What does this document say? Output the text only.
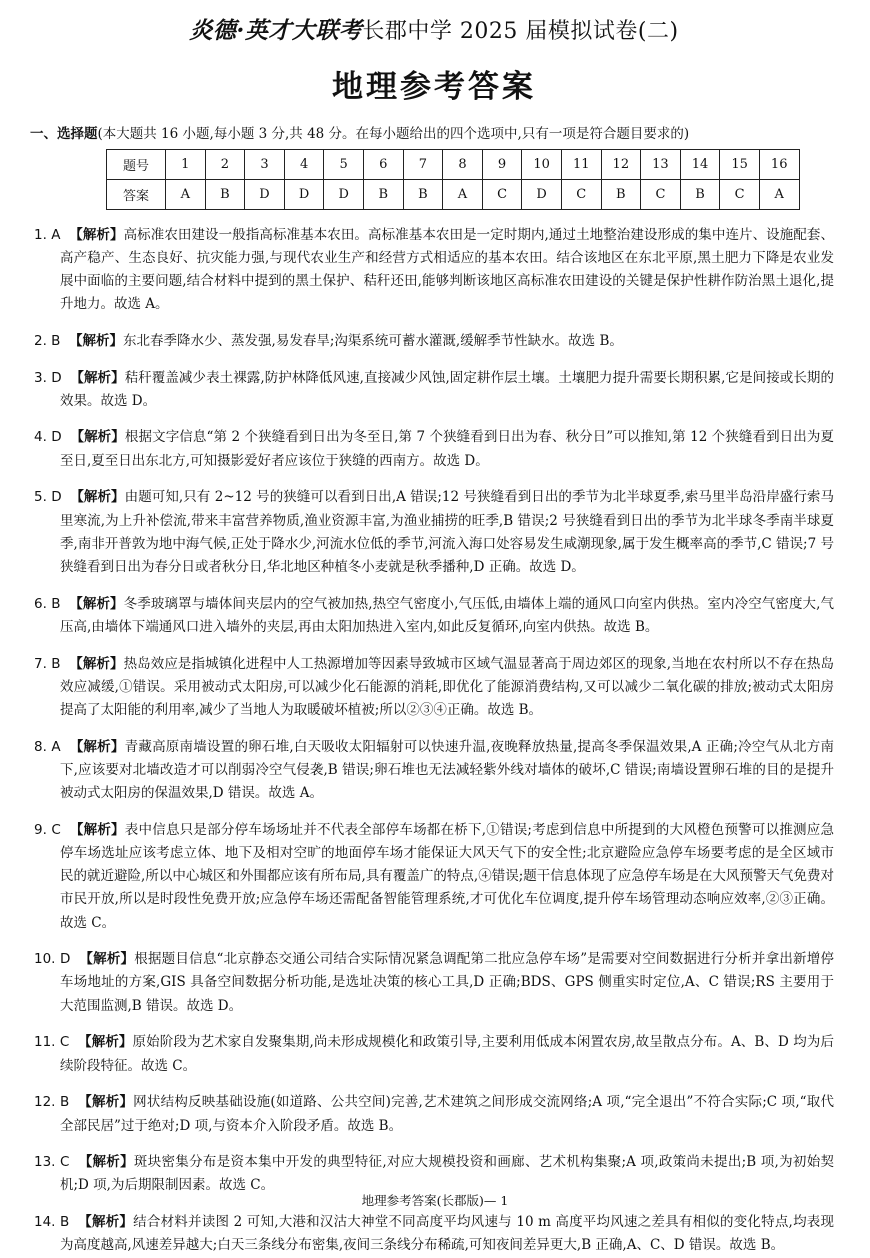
炎德·英才大联考长郡中学 2025 届模拟试卷(二)
地理参考答案
一、选择题(本大题共 16 小题,每小题 3 分,共 48 分。在每小题给出的四个选项中,只有一项是符合题目要求的)
题号	1	2	3	4	5	6	7	8	9	10	11	12	13	14	15	16
答案	A	B	D	D	D	B	B	A	C	D	C	B	C	B	C	A

1. A 【解析】高标准农田建设一般指高标准基本农田。高标准基本农田是一定时期内,通过土地整治建设形成的集中连片、设施配套、高产稳产、生态良好、抗灾能力强,与现代农业生产和经营方式相适应的基本农田。结合该地区在东北平原,黑土肥力下降是农业发展中面临的主要问题,结合材料中提到的黑土保护、秸秆还田,能够判断该地区高标准农田建设的关键是保护性耕作防治黑土退化,提升地力。故选 A。

2. B 【解析】东北春季降水少、蒸发强,易发春旱;沟渠系统可蓄水灌溉,缓解季节性缺水。故选 B。

3. D 【解析】秸秆覆盖减少表土裸露,防护林降低风速,直接减少风蚀,固定耕作层土壤。土壤肥力提升需要长期积累,它是间接或长期的效果。故选 D。

4. D 【解析】根据文字信息“第 2 个狭缝看到日出为冬至日,第 7 个狭缝看到日出为春、秋分日”可以推知,第 12 个狭缝看到日出为夏至日,夏至日出东北方,可知摄影爱好者应该位于狭缝的西南方。故选 D。

5. D 【解析】由题可知,只有 2~12 号的狭缝可以看到日出,A 错误;12 号狭缝看到日出的季节为北半球夏季,索马里半岛沿岸盛行索马里寒流,为上升补偿流,带来丰富营养物质,渔业资源丰富,为渔业捕捞的旺季,B 错误;2 号狭缝看到日出的季节为北半球冬季南半球夏季,南非开普敦为地中海气候,正处于降水少,河流水位低的季节,河流入海口处容易发生咸潮现象,属于发生概率高的季节,C 错误;7 号狭缝看到日出为春分日或者秋分日,华北地区种植冬小麦就是秋季播种,D 正确。故选 D。

6. B 【解析】冬季玻璃罩与墙体间夹层内的空气被加热,热空气密度小,气压低,由墙体上端的通风口向室内供热。室内冷空气密度大,气压高,由墙体下端通风口进入墙外的夹层,再由太阳加热进入室内,如此反复循环,向室内供热。故选 B。

7. B 【解析】热岛效应是指城镇化进程中人工热源增加等因素导致城市区域气温显著高于周边郊区的现象,当地在农村所以不存在热岛效应减缓,①错误。采用被动式太阳房,可以减少化石能源的消耗,即优化了能源消费结构,又可以减少二氧化碳的排放;被动式太阳房提高了太阳能的利用率,减少了当地人为取暖破坏植被;所以②③④正确。故选 B。

8. A 【解析】青藏高原南墙设置的卵石堆,白天吸收太阳辐射可以快速升温,夜晚释放热量,提高冬季保温效果,A 正确;冷空气从北方南下,应该要对北墙改造才可以削弱冷空气侵袭,B 错误;卵石堆也无法减轻紫外线对墙体的破坏,C 错误;南墙设置卵石堆的目的是提升被动式太阳房的保温效果,D 错误。故选 A。

9. C 【解析】表中信息只是部分停车场场址并不代表全部停车场都在桥下,①错误;考虑到信息中所提到的大风橙色预警可以推测应急停车场选址应该考虑立体、地下及相对空旷的地面停车场才能保证大风天气下的安全性;北京避险应急停车场要考虑的是全区域市民的就近避险,所以中心城区和外围都应该有所布局,具有覆盖广的特点,④错误;题干信息体现了应急停车场是在大风预警天气免费对市民开放,所以是时段性免费开放;应急停车场还需配备智能管理系统,才可优化车位调度,提升停车场管理动态响应效率,②③正确。故选 C。

10. D 【解析】根据题目信息“北京静态交通公司结合实际情况紧急调配第二批应急停车场”是需要对空间数据进行分析并拿出新增停车场地址的方案,GIS 具备空间数据分析功能,是选址决策的核心工具,D 正确;BDS、GPS 侧重实时定位,A、C 错误;RS 主要用于大范围监测,B 错误。故选 D。

11. C 【解析】原始阶段为艺术家自发聚集期,尚未形成规模化和政策引导,主要利用低成本闲置农房,故呈散点分布。A、B、D 均为后续阶段特征。故选 C。

12. B 【解析】网状结构反映基础设施(如道路、公共空间)完善,艺术建筑之间形成交流网络;A 项,“完全退出”不符合实际;C 项,“取代全部民居”过于绝对;D 项,与资本介入阶段矛盾。故选 B。

13. C 【解析】斑块密集分布是资本集中开发的典型特征,对应大规模投资和画廊、艺术机构集聚;A 项,政策尚未提出;B 项,为初始契机;D 项,为后期限制因素。故选 C。

14. B 【解析】结合材料并读图 2 可知,大港和汉沽大神堂不同高度平均风速与 10 m 高度平均风速之差具有相似的变化特点,均表现为高度越高,风速差异越大;白天三条线分布密集,夜间三条线分布稀疏,可知夜间差异更大,B 正确,A、C、D 错误。故选 B。

地理参考答案(长郡版)— 1
